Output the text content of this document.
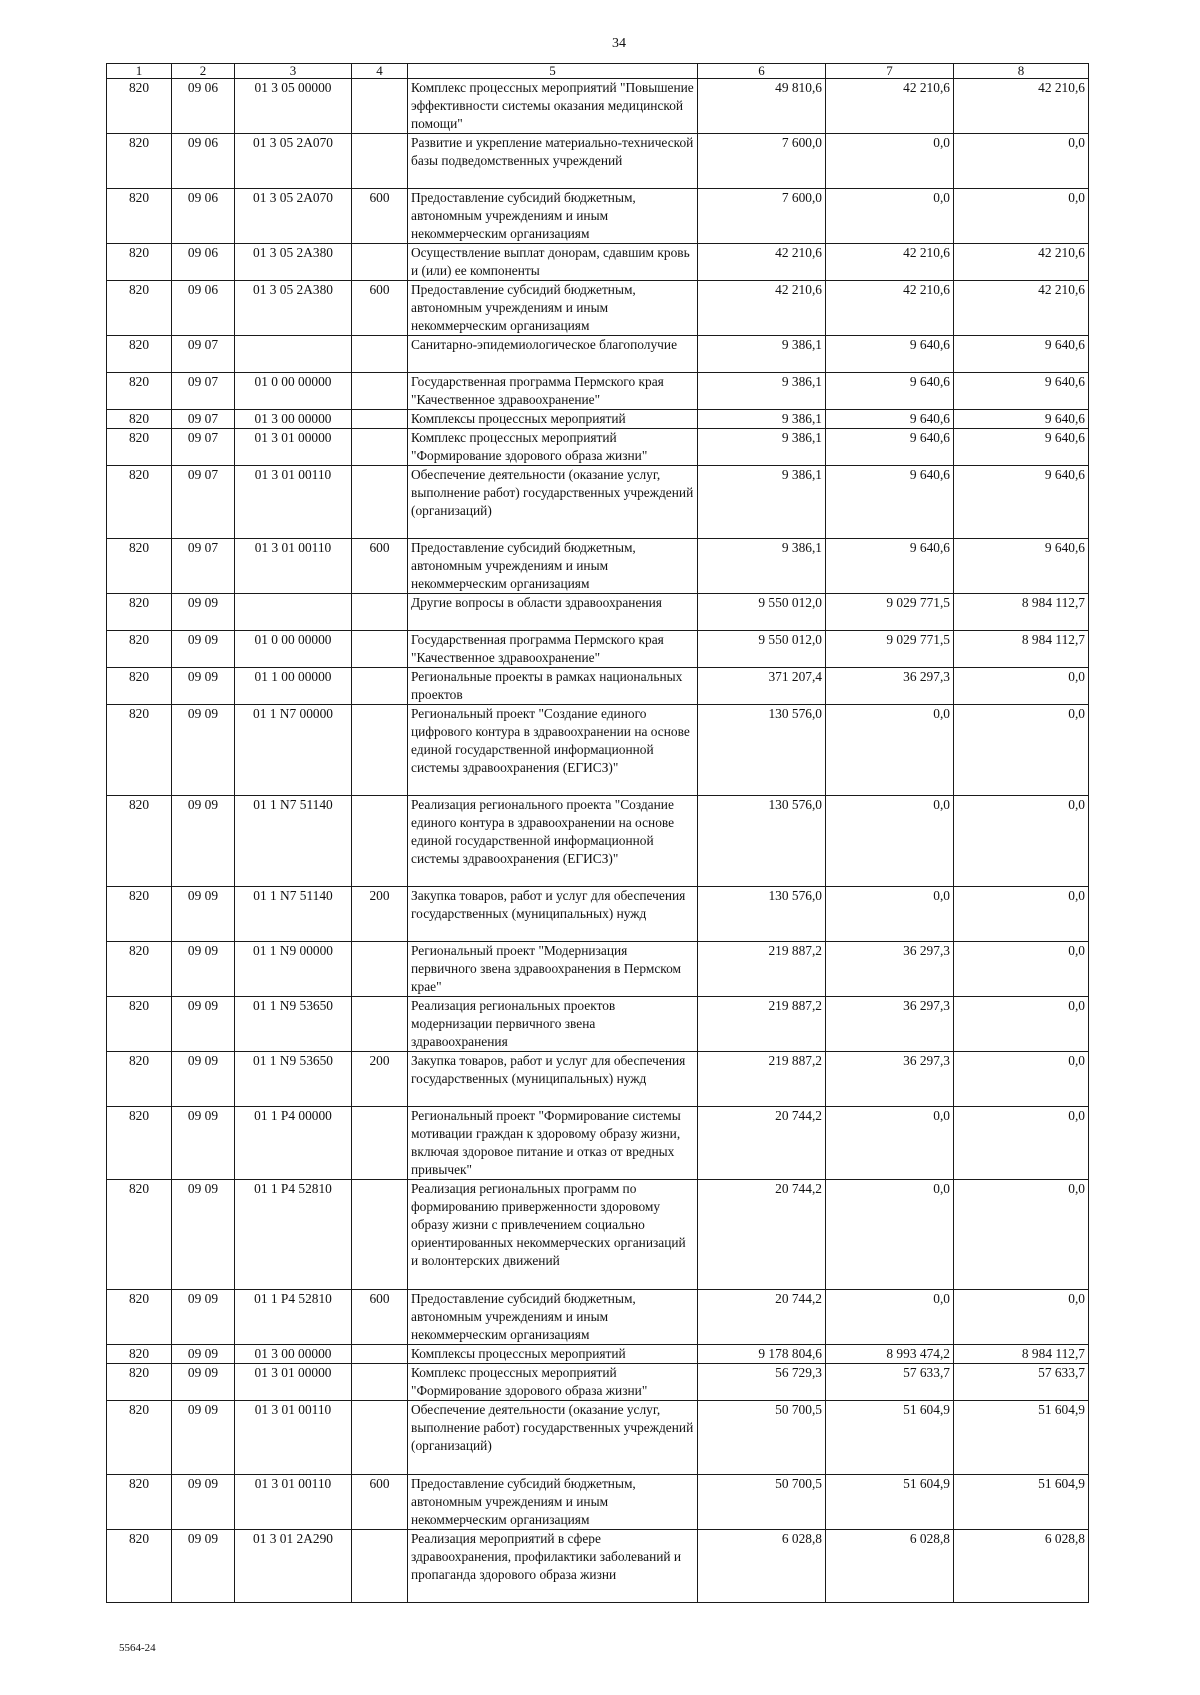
34
1	2	3	4	5	6	7	8
820	09 06	01 3 05 00000		Комплекс процессных мероприятий "Повышение эффективности системы оказания медицинской помощи"	49 810,6	42 210,6	42 210,6
820	09 06	01 3 05 2А070		Развитие и укрепление материально-технической базы подведомственных учреждений	7 600,0	0,0	0,0
820	09 06	01 3 05 2А070	600	Предоставление субсидий бюджетным, автономным учреждениям и иным некоммерческим организациям	7 600,0	0,0	0,0
820	09 06	01 3 05 2А380		Осуществление выплат донорам, сдавшим кровь и (или) ее компоненты	42 210,6	42 210,6	42 210,6
820	09 06	01 3 05 2А380	600	Предоставление субсидий бюджетным, автономным учреждениям и иным некоммерческим организациям	42 210,6	42 210,6	42 210,6
820	09 07			Санитарно-эпидемиологическое благополучие	9 386,1	9 640,6	9 640,6
820	09 07	01 0 00 00000		Государственная программа Пермского края "Качественное здравоохранение"	9 386,1	9 640,6	9 640,6
820	09 07	01 3 00 00000		Комплексы процессных мероприятий	9 386,1	9 640,6	9 640,6
820	09 07	01 3 01 00000		Комплекс процессных мероприятий "Формирование здорового образа жизни"	9 386,1	9 640,6	9 640,6
820	09 07	01 3 01 00110		Обеспечение деятельности (оказание услуг, выполнение работ) государственных учреждений (организаций)	9 386,1	9 640,6	9 640,6
820	09 07	01 3 01 00110	600	Предоставление субсидий бюджетным, автономным учреждениям и иным некоммерческим организациям	9 386,1	9 640,6	9 640,6
820	09 09			Другие вопросы в области здравоохранения	9 550 012,0	9 029 771,5	8 984 112,7
820	09 09	01 0 00 00000		Государственная программа Пермского края "Качественное здравоохранение"	9 550 012,0	9 029 771,5	8 984 112,7
820	09 09	01 1 00 00000		Региональные проекты в рамках национальных проектов	371 207,4	36 297,3	0,0
820	09 09	01 1 N7 00000		Региональный проект "Создание единого цифрового контура в здравоохранении на основе единой государственной информационной системы здравоохранения (ЕГИСЗ)"	130 576,0	0,0	0,0
820	09 09	01 1 N7 51140		Реализация регионального проекта "Создание единого контура в здравоохранении на основе единой государственной информационной системы здравоохранения (ЕГИСЗ)"	130 576,0	0,0	0,0
820	09 09	01 1 N7 51140	200	Закупка товаров, работ и услуг для обеспечения государственных (муниципальных) нужд	130 576,0	0,0	0,0
820	09 09	01 1 N9 00000		Региональный проект "Модернизация первичного звена здравоохранения в Пермском крае"	219 887,2	36 297,3	0,0
820	09 09	01 1 N9 53650		Реализация региональных проектов модернизации первичного звена здравоохранения	219 887,2	36 297,3	0,0
820	09 09	01 1 N9 53650	200	Закупка товаров, работ и услуг для обеспечения государственных (муниципальных) нужд	219 887,2	36 297,3	0,0
820	09 09	01 1 P4 00000		Региональный проект "Формирование системы мотивации граждан к здоровому образу жизни, включая здоровое питание и отказ от вредных привычек"	20 744,2	0,0	0,0
820	09 09	01 1 P4 52810		Реализация региональных программ по формированию приверженности здоровому образу жизни с привлечением социально ориентированных некоммерческих организаций и волонтерских движений	20 744,2	0,0	0,0
820	09 09	01 1 P4 52810	600	Предоставление субсидий бюджетным, автономным учреждениям и иным некоммерческим организациям	20 744,2	0,0	0,0
820	09 09	01 3 00 00000		Комплексы процессных мероприятий	9 178 804,6	8 993 474,2	8 984 112,7
820	09 09	01 3 01 00000		Комплекс процессных мероприятий "Формирование здорового образа жизни"	56 729,3	57 633,7	57 633,7
820	09 09	01 3 01 00110		Обеспечение деятельности (оказание услуг, выполнение работ) государственных учреждений (организаций)	50 700,5	51 604,9	51 604,9
820	09 09	01 3 01 00110	600	Предоставление субсидий бюджетным, автономным учреждениям и иным некоммерческим организациям	50 700,5	51 604,9	51 604,9
820	09 09	01 3 01 2А290		Реализация мероприятий в сфере здравоохранения, профилактики заболеваний и пропаганда здорового образа жизни	6 028,8	6 028,8	6 028,8
5564-24
